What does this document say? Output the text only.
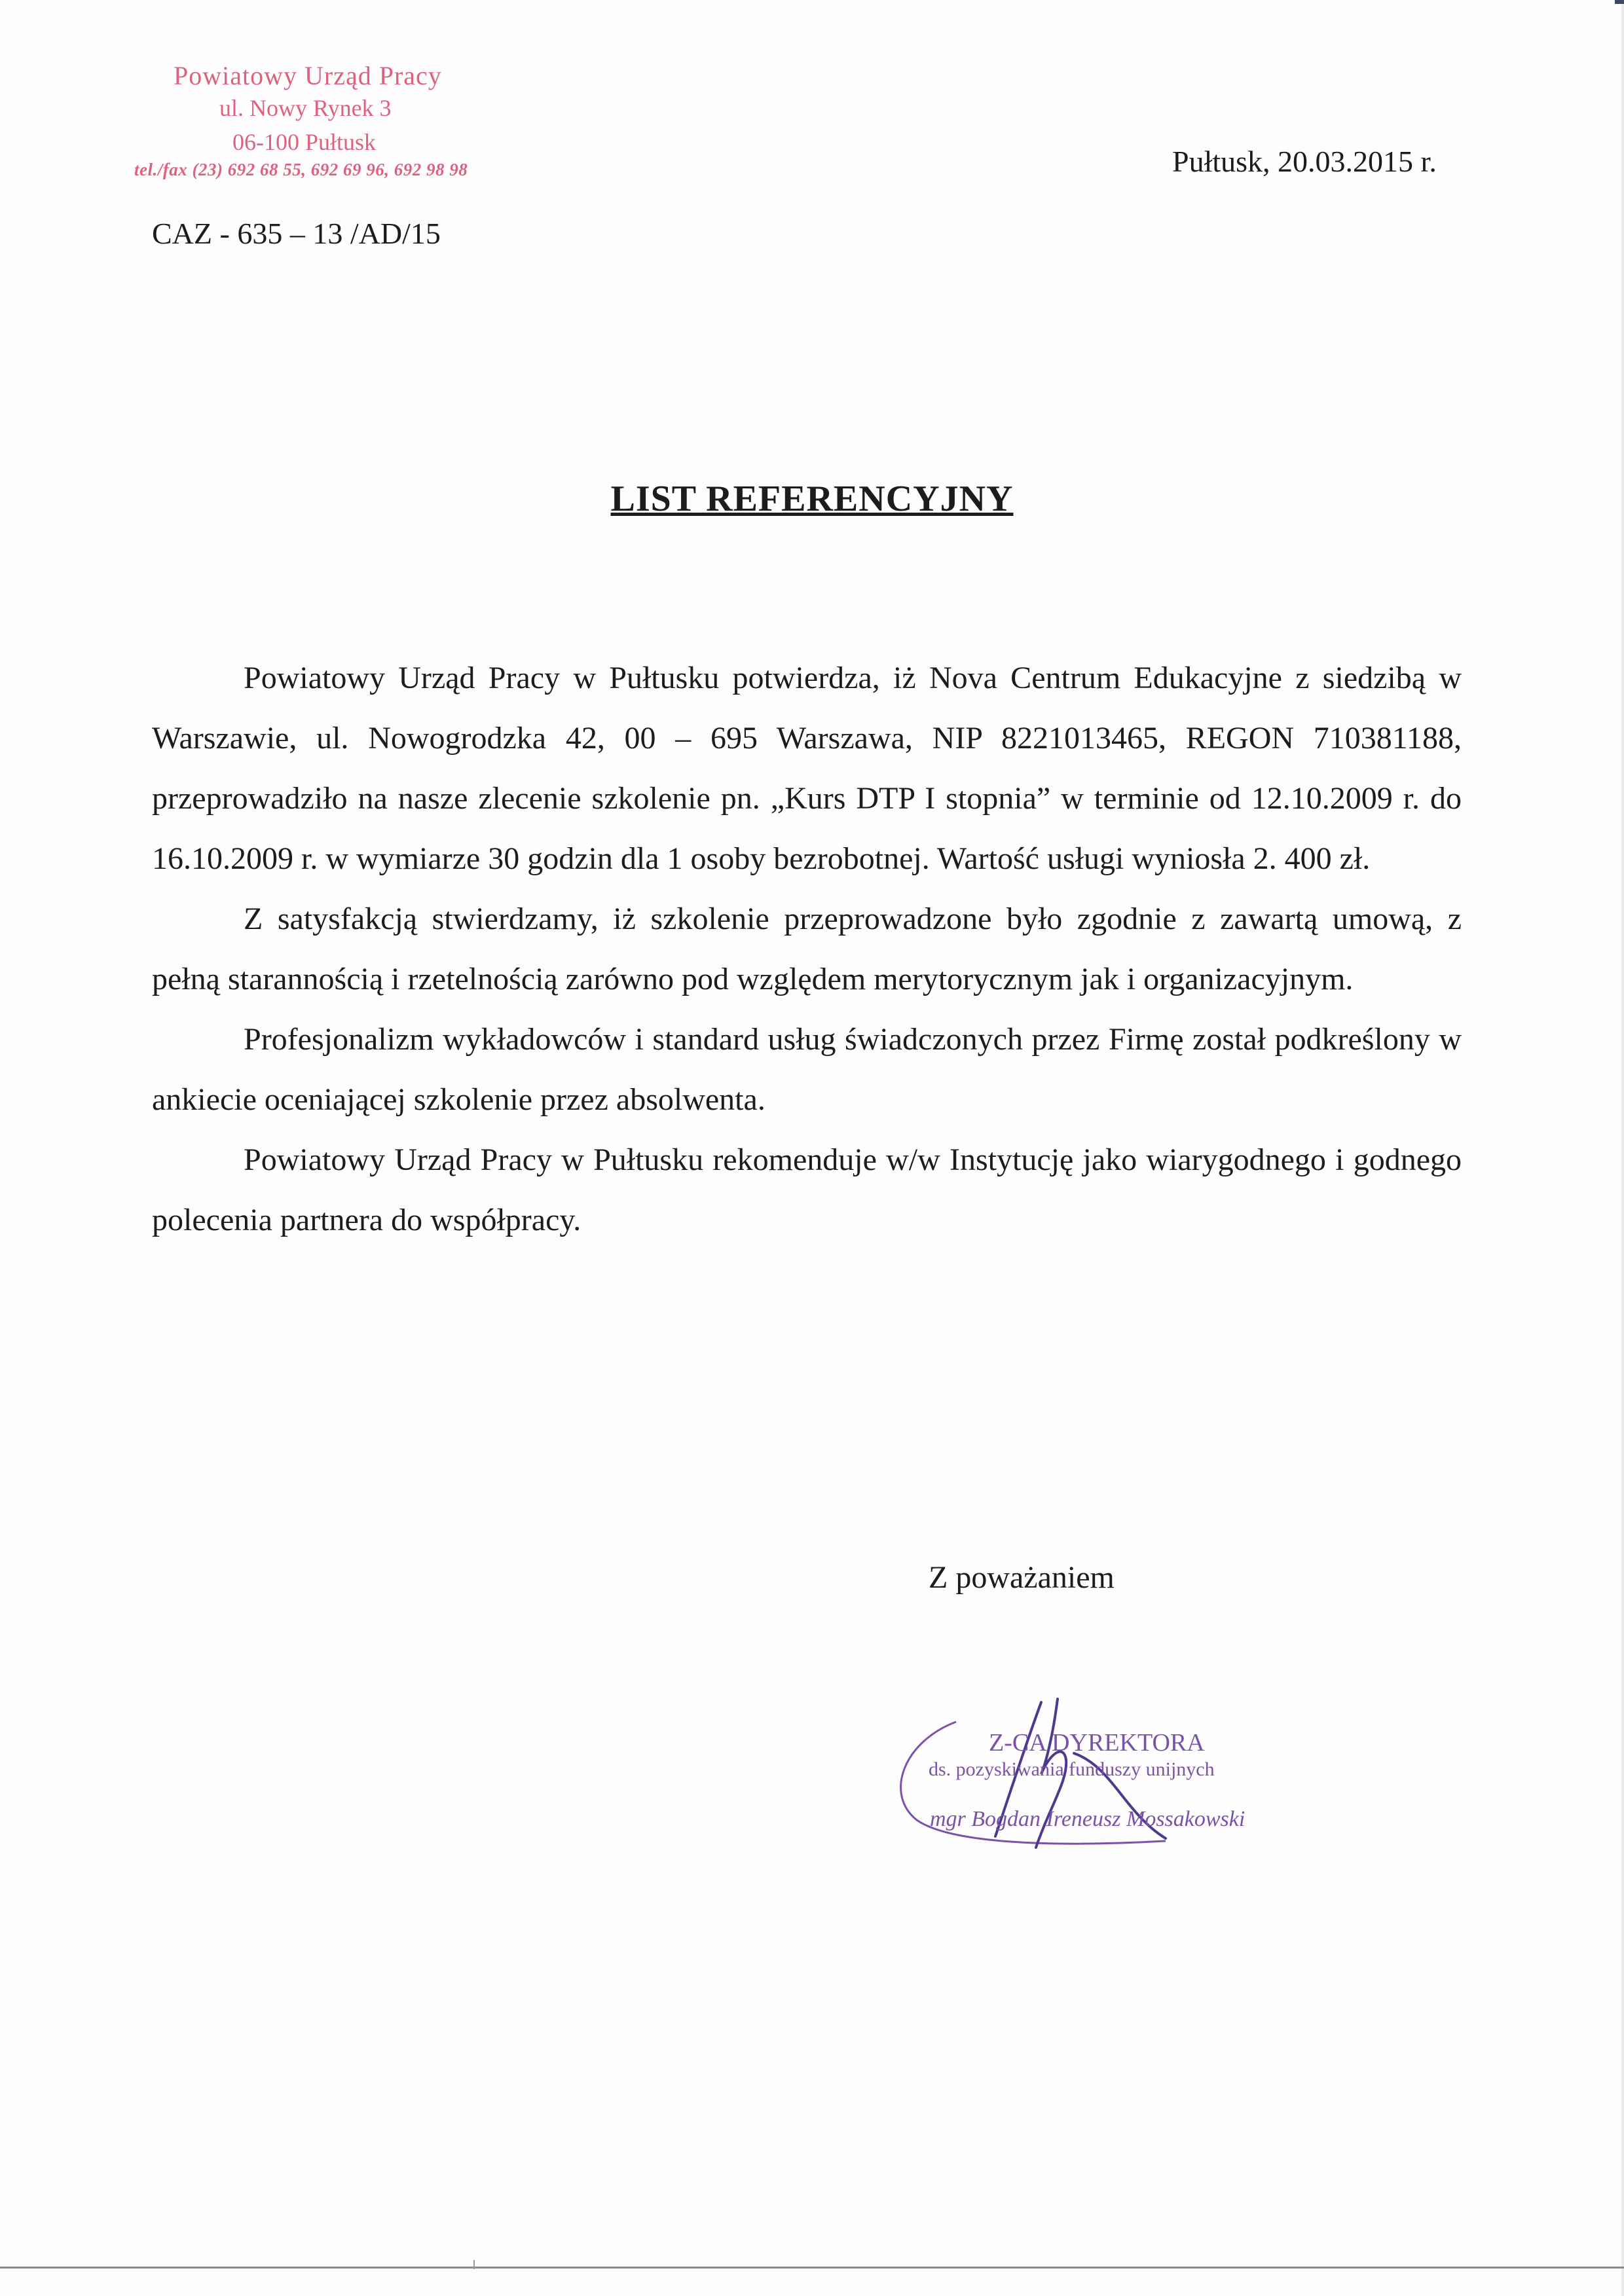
Powiatowy Urząd Pracy
ul. Nowy Rynek 3
06-100 Pułtusk
tel./fax (23) 692 68 55, 692 69 96, 692 98 98	Pułtusk, 20.03.2015 r.
CAZ - 635 – 13 /AD/15
LIST REFERENCYJNY

Powiatowy Urząd Pracy w Pułtusku potwierdza, iż Nova Centrum Edukacyjne z siedzibą w Warszawie, ul. Nowogrodzka 42, 00 – 695 Warszawa, NIP 8221013465, REGON 710381188, przeprowadziło na nasze zlecenie szkolenie pn. „Kurs DTP I stopnia” w terminie od 12.10.2009 r. do 16.10.2009 r. w wymiarze 30 godzin dla 1 osoby bezrobotnej. Wartość usługi wyniosła 2. 400 zł.

Z satysfakcją stwierdzamy, iż szkolenie przeprowadzone było zgodnie z zawartą umową, z pełną starannością i rzetelnością zarówno pod względem merytorycznym jak i organizacyjnym.

Profesjonalizm wykładowców i standard usług świadczonych przez Firmę został podkreślony w ankiecie oceniającej szkolenie przez absolwenta.

Powiatowy Urząd Pracy w Pułtusku rekomenduje w/w Instytucję jako wiarygodnego i godnego polecenia partnera do współpracy.

Z poważaniem
Z-CA DYREKTORA
ds. pozyskiwania funduszy unijnych
mgr Bogdan Ireneusz Mossakowski
